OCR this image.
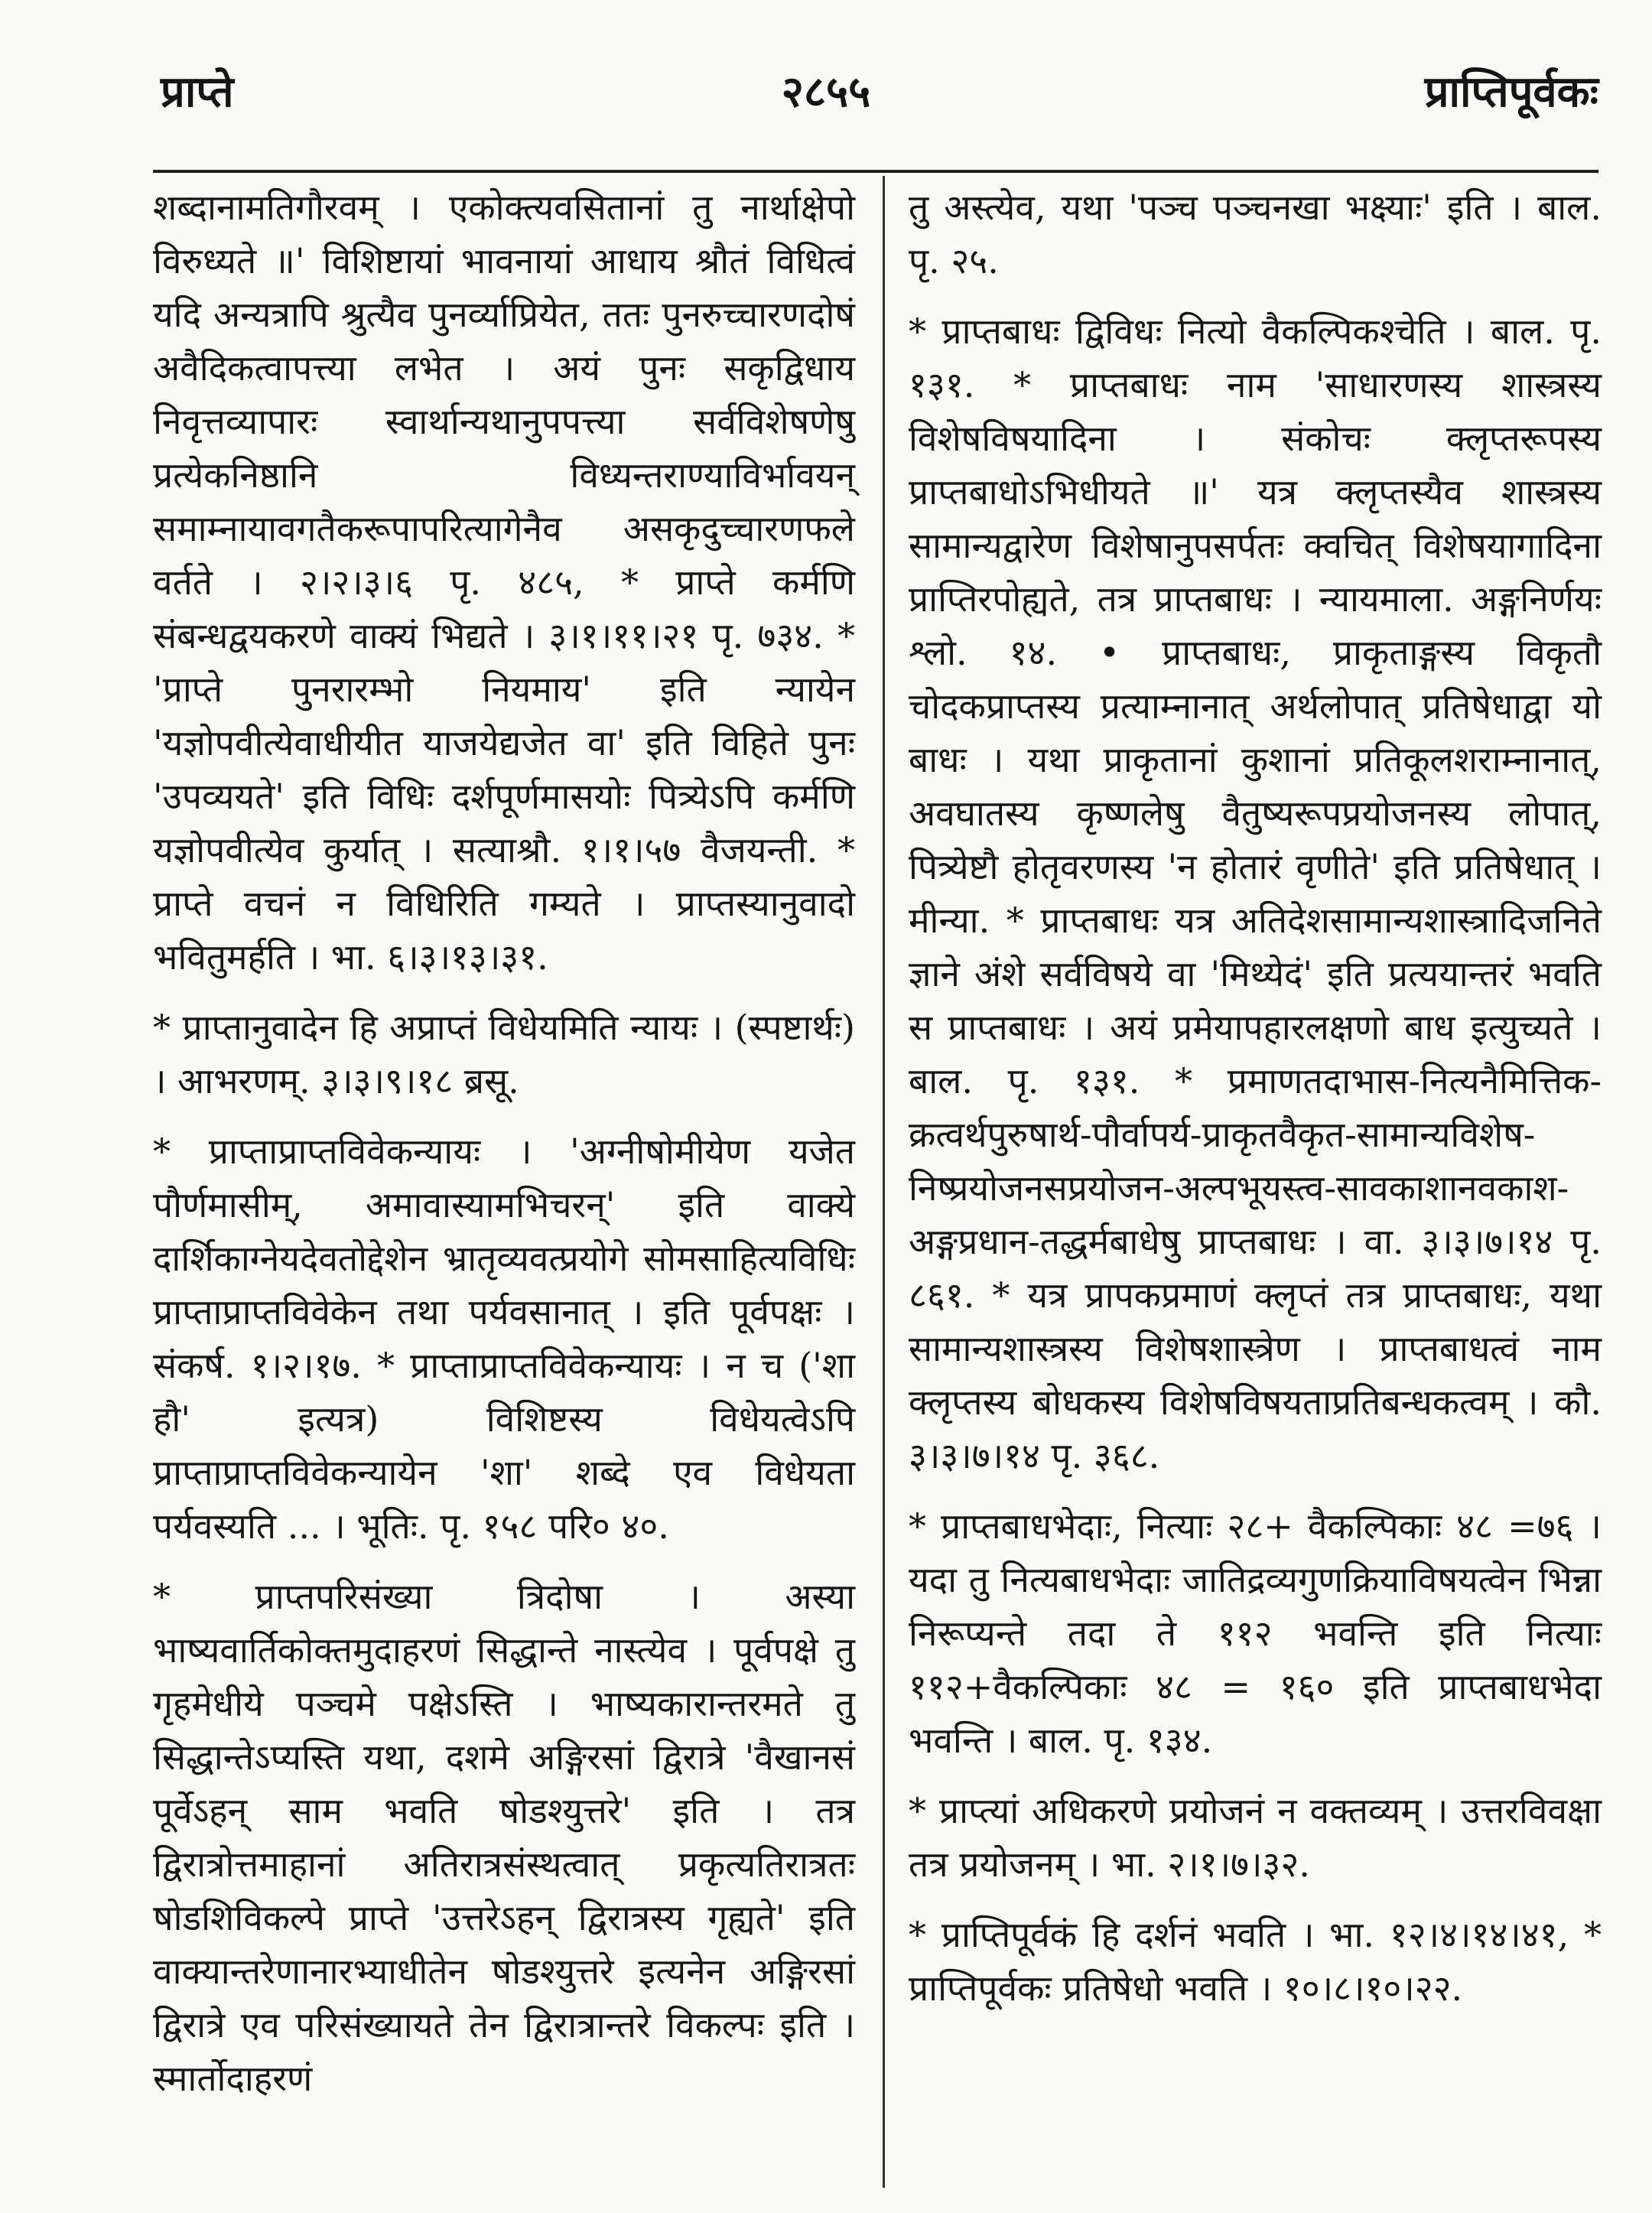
प्राप्ते	२८५५	प्राप्तिपूर्वकः

शब्दानामतिगौरवम् । एकोक्त्यवसितानां तु नार्थाक्षेपो विरुध्यते ॥' विशिष्टायां भावनायां आधाय श्रौतं विधित्वं यदि अन्यत्रापि श्रुत्यैव पुनर्व्याप्रियेत, ततः पुनरुच्चारणदोषं अवैदिकत्वापत्त्या लभेत । अयं पुनः सकृद्विधाय निवृत्तव्यापारः स्वार्थान्यथानुपपत्त्या सर्वविशेषणेषु प्रत्येकनिष्ठानि विध्यन्तराण्याविर्भावयन् समाम्नायावगतैकरूपापरित्यागेनैव असकृदुच्चारणफले वर्तते । २।२।३।६ पृ. ४८५, * प्राप्ते कर्मणि संबन्धद्वयकरणे वाक्यं भिद्यते । ३।१।११।२१ पृ. ७३४. * 'प्राप्ते पुनरारम्भो नियमाय' इति न्यायेन 'यज्ञोपवीत्येवाधीयीत याजयेद्यजेत वा' इति विहिते पुनः 'उपव्ययते' इति विधिः दर्शपूर्णमासयोः पित्र्येऽपि कर्मणि यज्ञोपवीत्येव कुर्यात् । सत्याश्रौ. १।१।५७ वैजयन्ती. * प्राप्ते वचनं न विधिरिति गम्यते । प्राप्तस्यानुवादो भवितुमर्हति । भा. ६।३।१३।३१.

* प्राप्तानुवादेन हि अप्राप्तं विधेयमिति न्यायः । (स्पष्टार्थः) । आभरणम्. ३।३।९।१८ ब्रसू.

* प्राप्ताप्राप्तविवेकन्यायः । 'अग्नीषोमीयेण यजेत पौर्णमासीम्, अमावास्यामभिचरन्' इति वाक्ये दार्शिकाग्नेयदेवतोद्देशेन भ्रातृव्यवत्प्रयोगे सोमसाहित्यविधिः प्राप्ताप्राप्तविवेकेन तथा पर्यवसानात् । इति पूर्वपक्षः । संकर्ष. १।२।१७. * प्राप्ताप्राप्तविवेकन्यायः । न च ('शा हौ' इत्यत्र) विशिष्टस्य विधेयत्वेऽपि प्राप्ताप्राप्तविवेकन्यायेन 'शा' शब्दे एव विधेयता पर्यवस्यति ... । भूतिः. पृ. १५८ परि० ४०.

* प्राप्तपरिसंख्या त्रिदोषा । अस्या भाष्यवार्तिकोक्तमुदाहरणं सिद्धान्ते नास्त्येव । पूर्वपक्षे तु गृहमेधीये पञ्चमे पक्षेऽस्ति । भाष्यकारान्तरमते तु सिद्धान्तेऽप्यस्ति यथा, दशमे अङ्गिरसां द्विरात्रे 'वैखानसं पूर्वेऽहन् साम भवति षोडश्युत्तरे' इति । तत्र द्विरात्रोत्तमाहानां अतिरात्रसंस्थत्वात् प्रकृत्यतिरात्रतः षोडशिविकल्पे प्राप्ते 'उत्तरेऽहन् द्विरात्रस्य गृह्यते' इति वाक्यान्तरेणानारभ्याधीतेन षोडश्युत्तरे इत्यनेन अङ्गिरसां द्विरात्रे एव परिसंख्यायते तेन द्विरात्रान्तरे विकल्पः इति । स्मार्तोदाहरणं

तु अस्त्येव, यथा 'पञ्च पञ्चनखा भक्ष्याः' इति । बाल. पृ. २५.

* प्राप्तबाधः द्विविधः नित्यो वैकल्पिकश्चेति । बाल. पृ. १३१. * प्राप्तबाधः नाम 'साधारणस्य शास्त्रस्य विशेषविषयादिना । संकोचः क्लृप्तरूपस्य प्राप्तबाधोऽभिधीयते ॥' यत्र क्लृप्तस्यैव शास्त्रस्य सामान्यद्वारेण विशेषानुपसर्पतः क्वचित् विशेषयागादिना प्राप्तिरपोह्यते, तत्र प्राप्तबाधः । न्यायमाला. अङ्गनिर्णयः श्लो. १४. • प्राप्तबाधः, प्राकृताङ्गस्य विकृतौ चोदकप्राप्तस्य प्रत्याम्नानात् अर्थलोपात् प्रतिषेधाद्वा यो बाधः । यथा प्राकृतानां कुशानां प्रतिकूलशराम्नानात्, अवघातस्य कृष्णलेषु वैतुष्यरूपप्रयोजनस्य लोपात्, पित्र्येष्टौ होतृवरणस्य 'न होतारं वृणीते' इति प्रतिषेधात् । मीन्या. * प्राप्तबाधः यत्र अतिदेशसामान्यशास्त्रादिजनिते ज्ञाने अंशे सर्वविषये वा 'मिथ्येदं' इति प्रत्ययान्तरं भवति स प्राप्तबाधः । अयं प्रमेयापहारलक्षणो बाध इत्युच्यते । बाल. पृ. १३१. * प्रमाणतदाभास-नित्यनैमित्तिक-क्रत्वर्थपुरुषार्थ-पौर्वापर्य-प्राकृतवैकृत-सामान्यविशेष-निष्प्रयोजनसप्रयोजन-अल्पभूयस्त्व-सावकाशानवकाश-अङ्गप्रधान-तद्धर्मबाधेषु प्राप्तबाधः । वा. ३।३।७।१४ पृ. ८६१. * यत्र प्रापकप्रमाणं क्लृप्तं तत्र प्राप्तबाधः, यथा सामान्यशास्त्रस्य विशेषशास्त्रेण । प्राप्तबाधत्वं नाम क्लृप्तस्य बोधकस्य विशेषविषयताप्रतिबन्धकत्वम् । कौ. ३।३।७।१४ पृ. ३६८.

* प्राप्तबाधभेदाः, नित्याः २८+ वैकल्पिकाः ४८ =७६ । यदा तु नित्यबाधभेदाः जातिद्रव्यगुणक्रियाविषयत्वेन भिन्ना निरूप्यन्ते तदा ते ११२ भवन्ति इति नित्याः ११२+वैकल्पिकाः ४८ = १६० इति प्राप्तबाधभेदा भवन्ति । बाल. पृ. १३४.

* प्राप्त्यां अधिकरणे प्रयोजनं न वक्तव्यम् । उत्तरविवक्षा तत्र प्रयोजनम् । भा. २।१।७।३२.

* प्राप्तिपूर्वकं हि दर्शनं भवति । भा. १२।४।१४।४१, * प्राप्तिपूर्वकः प्रतिषेधो भवति । १०।८।१०।२२.
